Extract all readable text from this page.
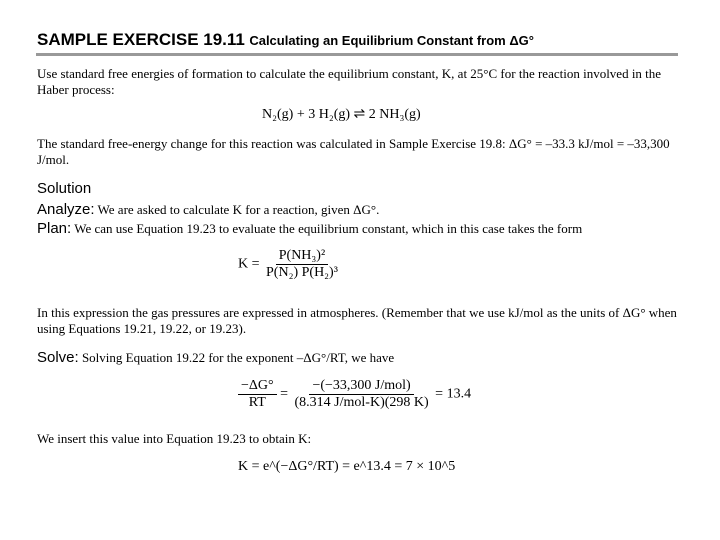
SAMPLE EXERCISE 19.11 Calculating an Equilibrium Constant from ΔG°
Use standard free energies of formation to calculate the equilibrium constant, K, at 25°C for the reaction involved in the Haber process:
N₂(g) + 3 H₂(g) ⇌ 2 NH₃(g)
The standard free-energy change for this reaction was calculated in Sample Exercise 19.8: ΔG° = –33.3 kJ/mol = –33,300 J/mol.
Solution
Analyze: We are asked to calculate K for a reaction, given ΔG°.
Plan: We can use Equation 19.23 to evaluate the equilibrium constant, which in this case takes the form
$K = \frac{\text{P(NH₃)²}}{\text{P(N₂) P(H₂)³}}$
In this expression the gas pressures are expressed in atmospheres. (Remember that we use kJ/mol as the units of ΔG° when using Equations 19.21, 19.22, or 19.23).
Solve: Solving Equation 19.22 for the exponent –ΔG°/RT, we have
$\frac{-\Delta G^\circ}{RT} = \frac{\text{−(−33,300 J/mol)}}{\text{(8.314 J/mol-K)(298 K)}} = 13.4$
We insert this value into Equation 19.23 to obtain K:
K = e^(−ΔG°/RT) = e^13.4 = 7 × 10^5
